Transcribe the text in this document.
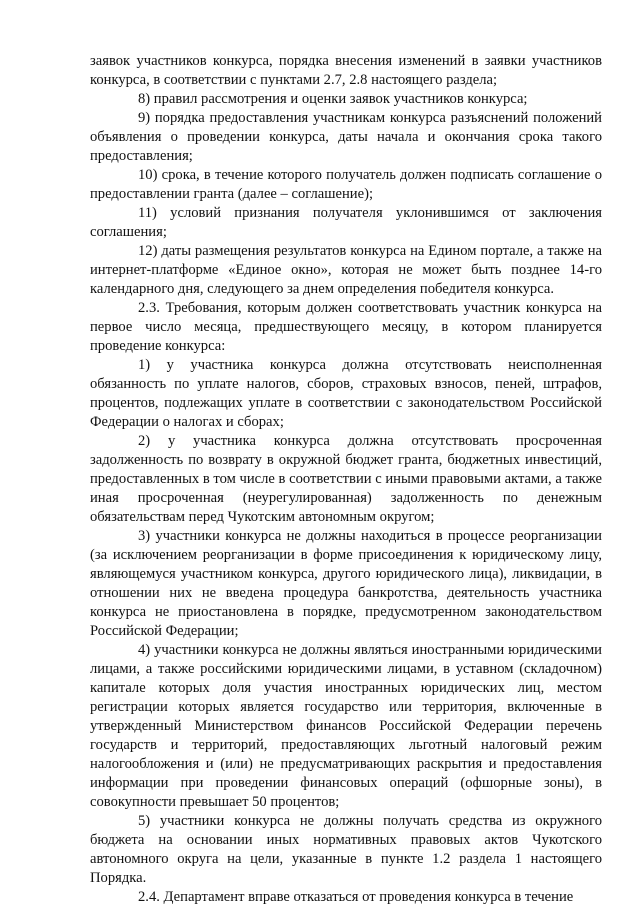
заявок участников конкурса, порядка внесения изменений в заявки участников конкурса, в соответствии с пунктами 2.7, 2.8 настоящего раздела;

8) правил рассмотрения и оценки заявок участников конкурса;

9) порядка предоставления участникам конкурса разъяснений положений объявления о проведении конкурса, даты начала и окончания срока такого предоставления;

10) срока, в течение которого получатель должен подписать соглашение о предоставлении гранта (далее – соглашение);

11) условий признания получателя уклонившимся от заключения соглашения;

12) даты размещения результатов конкурса на Едином портале, а также на интернет-платформе «Единое окно», которая не может быть позднее 14-го календарного дня, следующего за днем определения победителя конкурса.

2.3. Требования, которым должен соответствовать участник конкурса на первое число месяца, предшествующего месяцу, в котором планируется проведение конкурса:

1) у участника конкурса должна отсутствовать неисполненная обязанность по уплате налогов, сборов, страховых взносов, пеней, штрафов, процентов, подлежащих уплате в соответствии с законодательством Российской Федерации о налогах и сборах;

2) у участника конкурса должна отсутствовать просроченная задолженность по возврату в окружной бюджет гранта, бюджетных инвестиций, предоставленных в том числе в соответствии с иными правовыми актами, а также иная просроченная (неурегулированная) задолженность по денежным обязательствам перед Чукотским автономным округом;

3) участники конкурса не должны находиться в процессе реорганизации (за исключением реорганизации в форме присоединения к юридическому лицу, являющемуся участником конкурса, другого юридического лица), ликвидации, в отношении них не введена процедура банкротства, деятельность участника конкурса не приостановлена в порядке, предусмотренном законодательством Российской Федерации;

4) участники конкурса не должны являться иностранными юридическими лицами, а также российскими юридическими лицами, в уставном (складочном) капитале которых доля участия иностранных юридических лиц, местом регистрации которых является государство или территория, включенные в утвержденный Министерством финансов Российской Федерации перечень государств и территорий, предоставляющих льготный налоговый режим налогообложения и (или) не предусматривающих раскрытия и предоставления информации при проведении финансовых операций (офшорные зоны), в совокупности превышает 50 процентов;

5) участники конкурса не должны получать средства из окружного бюджета на основании иных нормативных правовых актов Чукотского автономного округа на цели, указанные в пункте 1.2 раздела 1 настоящего Порядка.

2.4. Департамент вправе отказаться от проведения конкурса в течение
